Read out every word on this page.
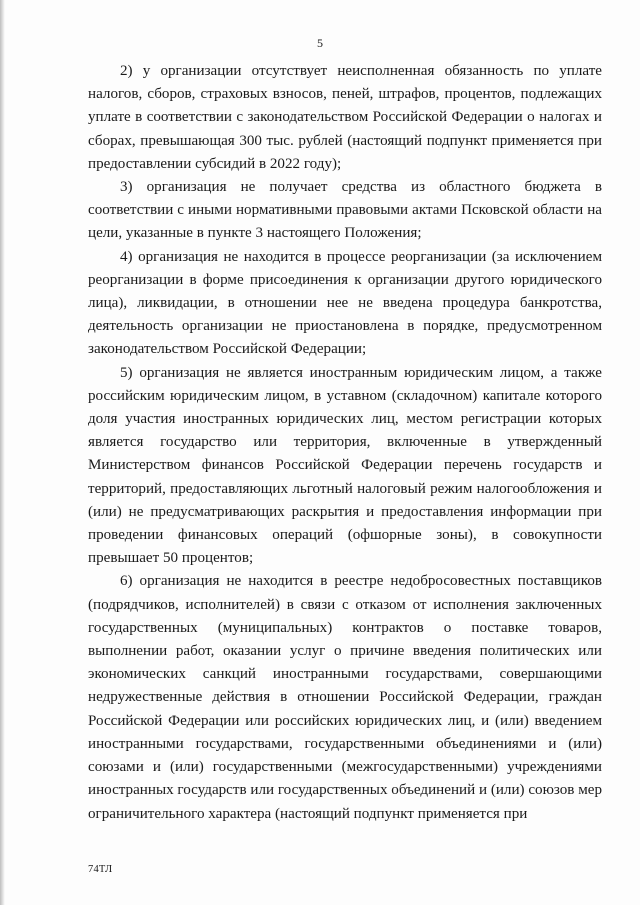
5

2) у организации отсутствует неисполненная обязанность по уплате налогов, сборов, страховых взносов, пеней, штрафов, процентов, подлежащих уплате в соответствии с законодательством Российской Федерации о налогах и сборах, превышающая 300 тыс. рублей (настоящий подпункт применяется при предоставлении субсидий в 2022 году);

3) организация не получает средства из областного бюджета в соответствии с иными нормативными правовыми актами Псковской области на цели, указанные в пункте 3 настоящего Положения;

4) организация не находится в процессе реорганизации (за исключением реорганизации в форме присоединения к организации другого юридического лица), ликвидации, в отношении нее не введена процедура банкротства, деятельность организации не приостановлена в порядке, предусмотренном законодательством Российской Федерации;

5) организация не является иностранным юридическим лицом, а также российским юридическим лицом, в уставном (складочном) капитале которого доля участия иностранных юридических лиц, местом регистрации которых является государство или территория, включенные в утвержденный Министерством финансов Российской Федерации перечень государств и территорий, предоставляющих льготный налоговый режим налогообложения и (или) не предусматривающих раскрытия и предоставления информации при проведении финансовых операций (офшорные зоны), в совокупности превышает 50 процентов;

6) организация не находится в реестре недобросовестных поставщиков (подрядчиков, исполнителей) в связи с отказом от исполнения заключенных государственных (муниципальных) контрактов о поставке товаров, выполнении работ, оказании услуг о причине введения политических или экономических санкций иностранными государствами, совершающими недружественные действия в отношении Российской Федерации, граждан Российской Федерации или российских юридических лиц, и (или) введением иностранными государствами, государственными объединениями и (или) союзами и (или) государственными (межгосударственными) учреждениями иностранных государств или государственных объединений и (или) союзов мер ограничительного характера (настоящий подпункт применяется при

74ТЛ
